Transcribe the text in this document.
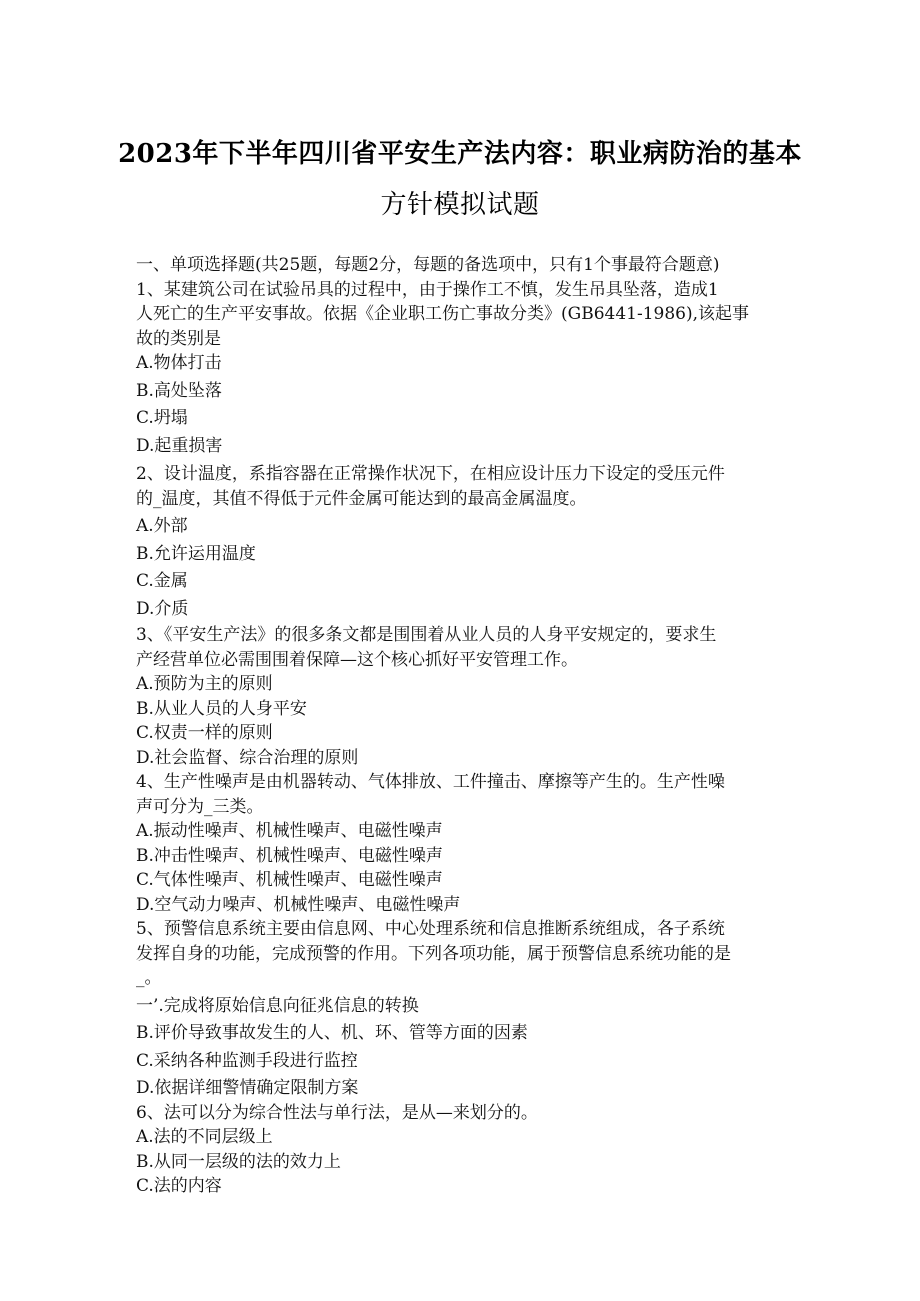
2023年下半年四川省平安生产法内容：职业病防治的基本
方针模拟试题
一、单项选择题(共25题，每题2分，每题的备选项中，只有1个事最符合题意)
1、某建筑公司在试验吊具的过程中，由于操作工不慎，发生吊具坠落，造成1
人死亡的生产平安事故。依据《企业职工伤亡事故分类》(GB6441-1986),该起事
故的类别是
A.物体打击
B.高处坠落
C.坍塌
D.起重损害
2、设计温度，系指容器在正常操作状况下，在相应设计压力下设定的受压元件
的_温度，其值不得低于元件金属可能达到的最高金属温度。
A.外部
B.允许运用温度
C.金属
D.介质
3、《平安生产法》的很多条文都是围围着从业人员的人身平安规定的，要求生
产经营单位必需围围着保障—这个核心抓好平安管理工作。
A.预防为主的原则
B.从业人员的人身平安
C.权责一样的原则
D.社会监督、综合治理的原则
4、生产性噪声是由机器转动、气体排放、工件撞击、摩擦等产生的。生产性噪
声可分为_三类。
A.振动性噪声、机械性噪声、电磁性噪声
B.冲击性噪声、机械性噪声、电磁性噪声
C.气体性噪声、机械性噪声、电磁性噪声
D.空气动力噪声、机械性噪声、电磁性噪声
5、预警信息系统主要由信息网、中心处理系统和信息推断系统组成，各子系统
发挥自身的功能，完成预警的作用。下列各项功能，属于预警信息系统功能的是
_。
一’.完成将原始信息向征兆信息的转换
B.评价导致事故发生的人、机、环、管等方面的因素
C.采纳各种监测手段进行监控
D.依据详细警情确定限制方案
6、法可以分为综合性法与单行法，是从—来划分的。
A.法的不同层级上
B.从同一层级的法的效力上
C.法的内容
